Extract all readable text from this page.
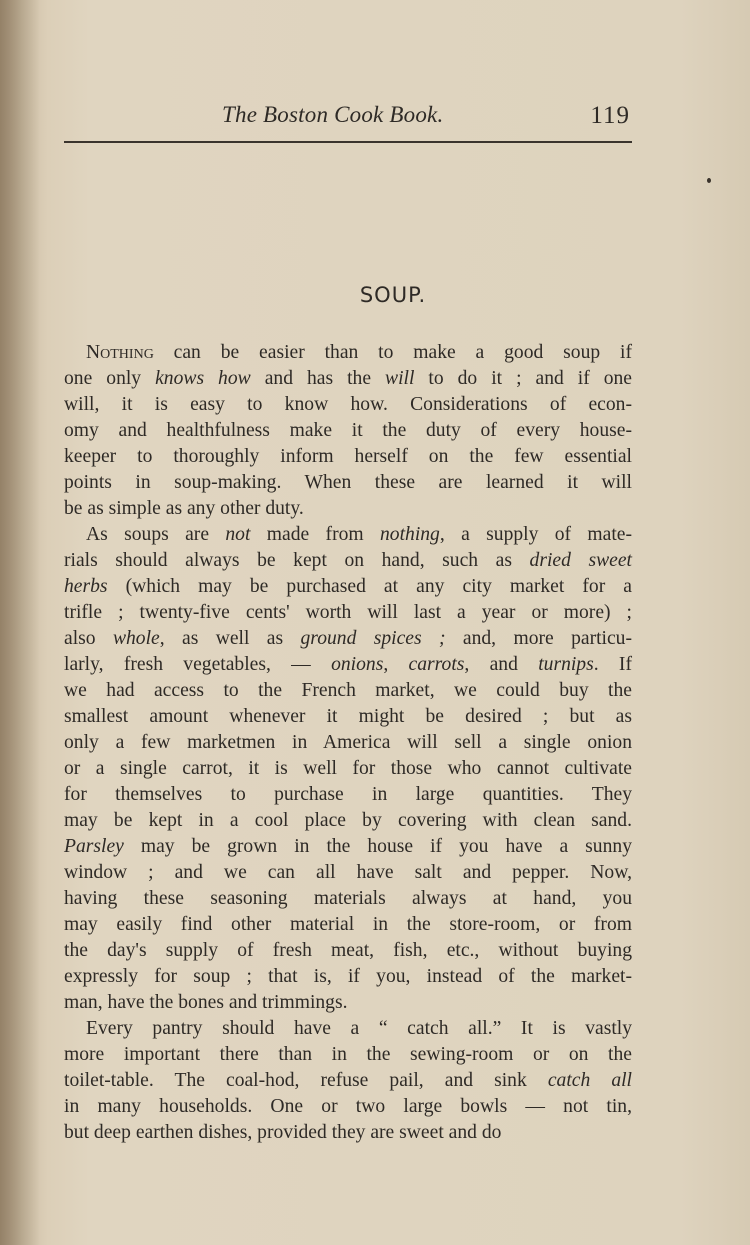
The Boston Cook Book.	119
SOUP.
Nothing can be easier than to make a good soup if
one only knows how and has the will to do it ; and if one
will, it is easy to know how. Considerations of econ-
omy and healthfulness make it the duty of every house-
keeper to thoroughly inform herself on the few essential
points in soup-making. When these are learned it will
be as simple as any other duty.
As soups are not made from nothing, a supply of mate-
rials should always be kept on hand, such as dried sweet
herbs (which may be purchased at any city market for a
trifle ; twenty-five cents' worth will last a year or more) ;
also whole, as well as ground spices ; and, more particu-
larly, fresh vegetables, — onions, carrots, and turnips. If
we had access to the French market, we could buy the
smallest amount whenever it might be desired ; but as
only a few marketmen in America will sell a single onion
or a single carrot, it is well for those who cannot cultivate
for themselves to purchase in large quantities. They
may be kept in a cool place by covering with clean sand.
Parsley may be grown in the house if you have a sunny
window ; and we can all have salt and pepper. Now,
having these seasoning materials always at hand, you
may easily find other material in the store-room, or from
the day's supply of fresh meat, fish, etc., without buying
expressly for soup ; that is, if you, instead of the market-
man, have the bones and trimmings.
Every pantry should have a “ catch all.” It is vastly
more important there than in the sewing-room or on the
toilet-table. The coal-hod, refuse pail, and sink catch all
in many households. One or two large bowls — not tin,
but deep earthen dishes, provided they are sweet and do
